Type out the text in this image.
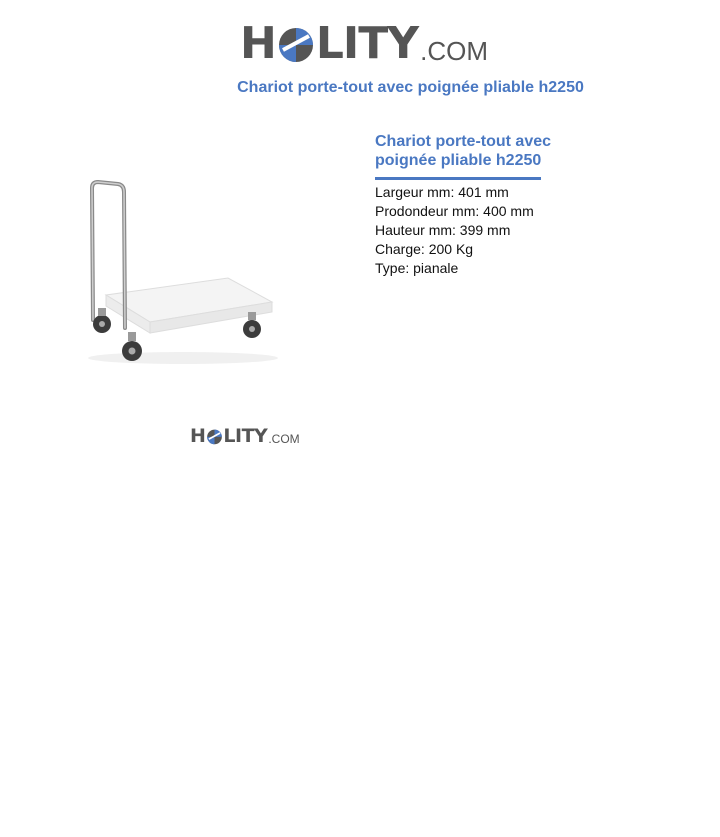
H LITY .COM
Chariot porte-tout avec poignée pliable h2250
H LITY .COM
Chariot porte-tout avec poignée pliable h2250
Largeur mm: 401 mm
Prodondeur mm: 400 mm
Hauteur mm: 399 mm
Charge: 200 Kg
Type: pianale
